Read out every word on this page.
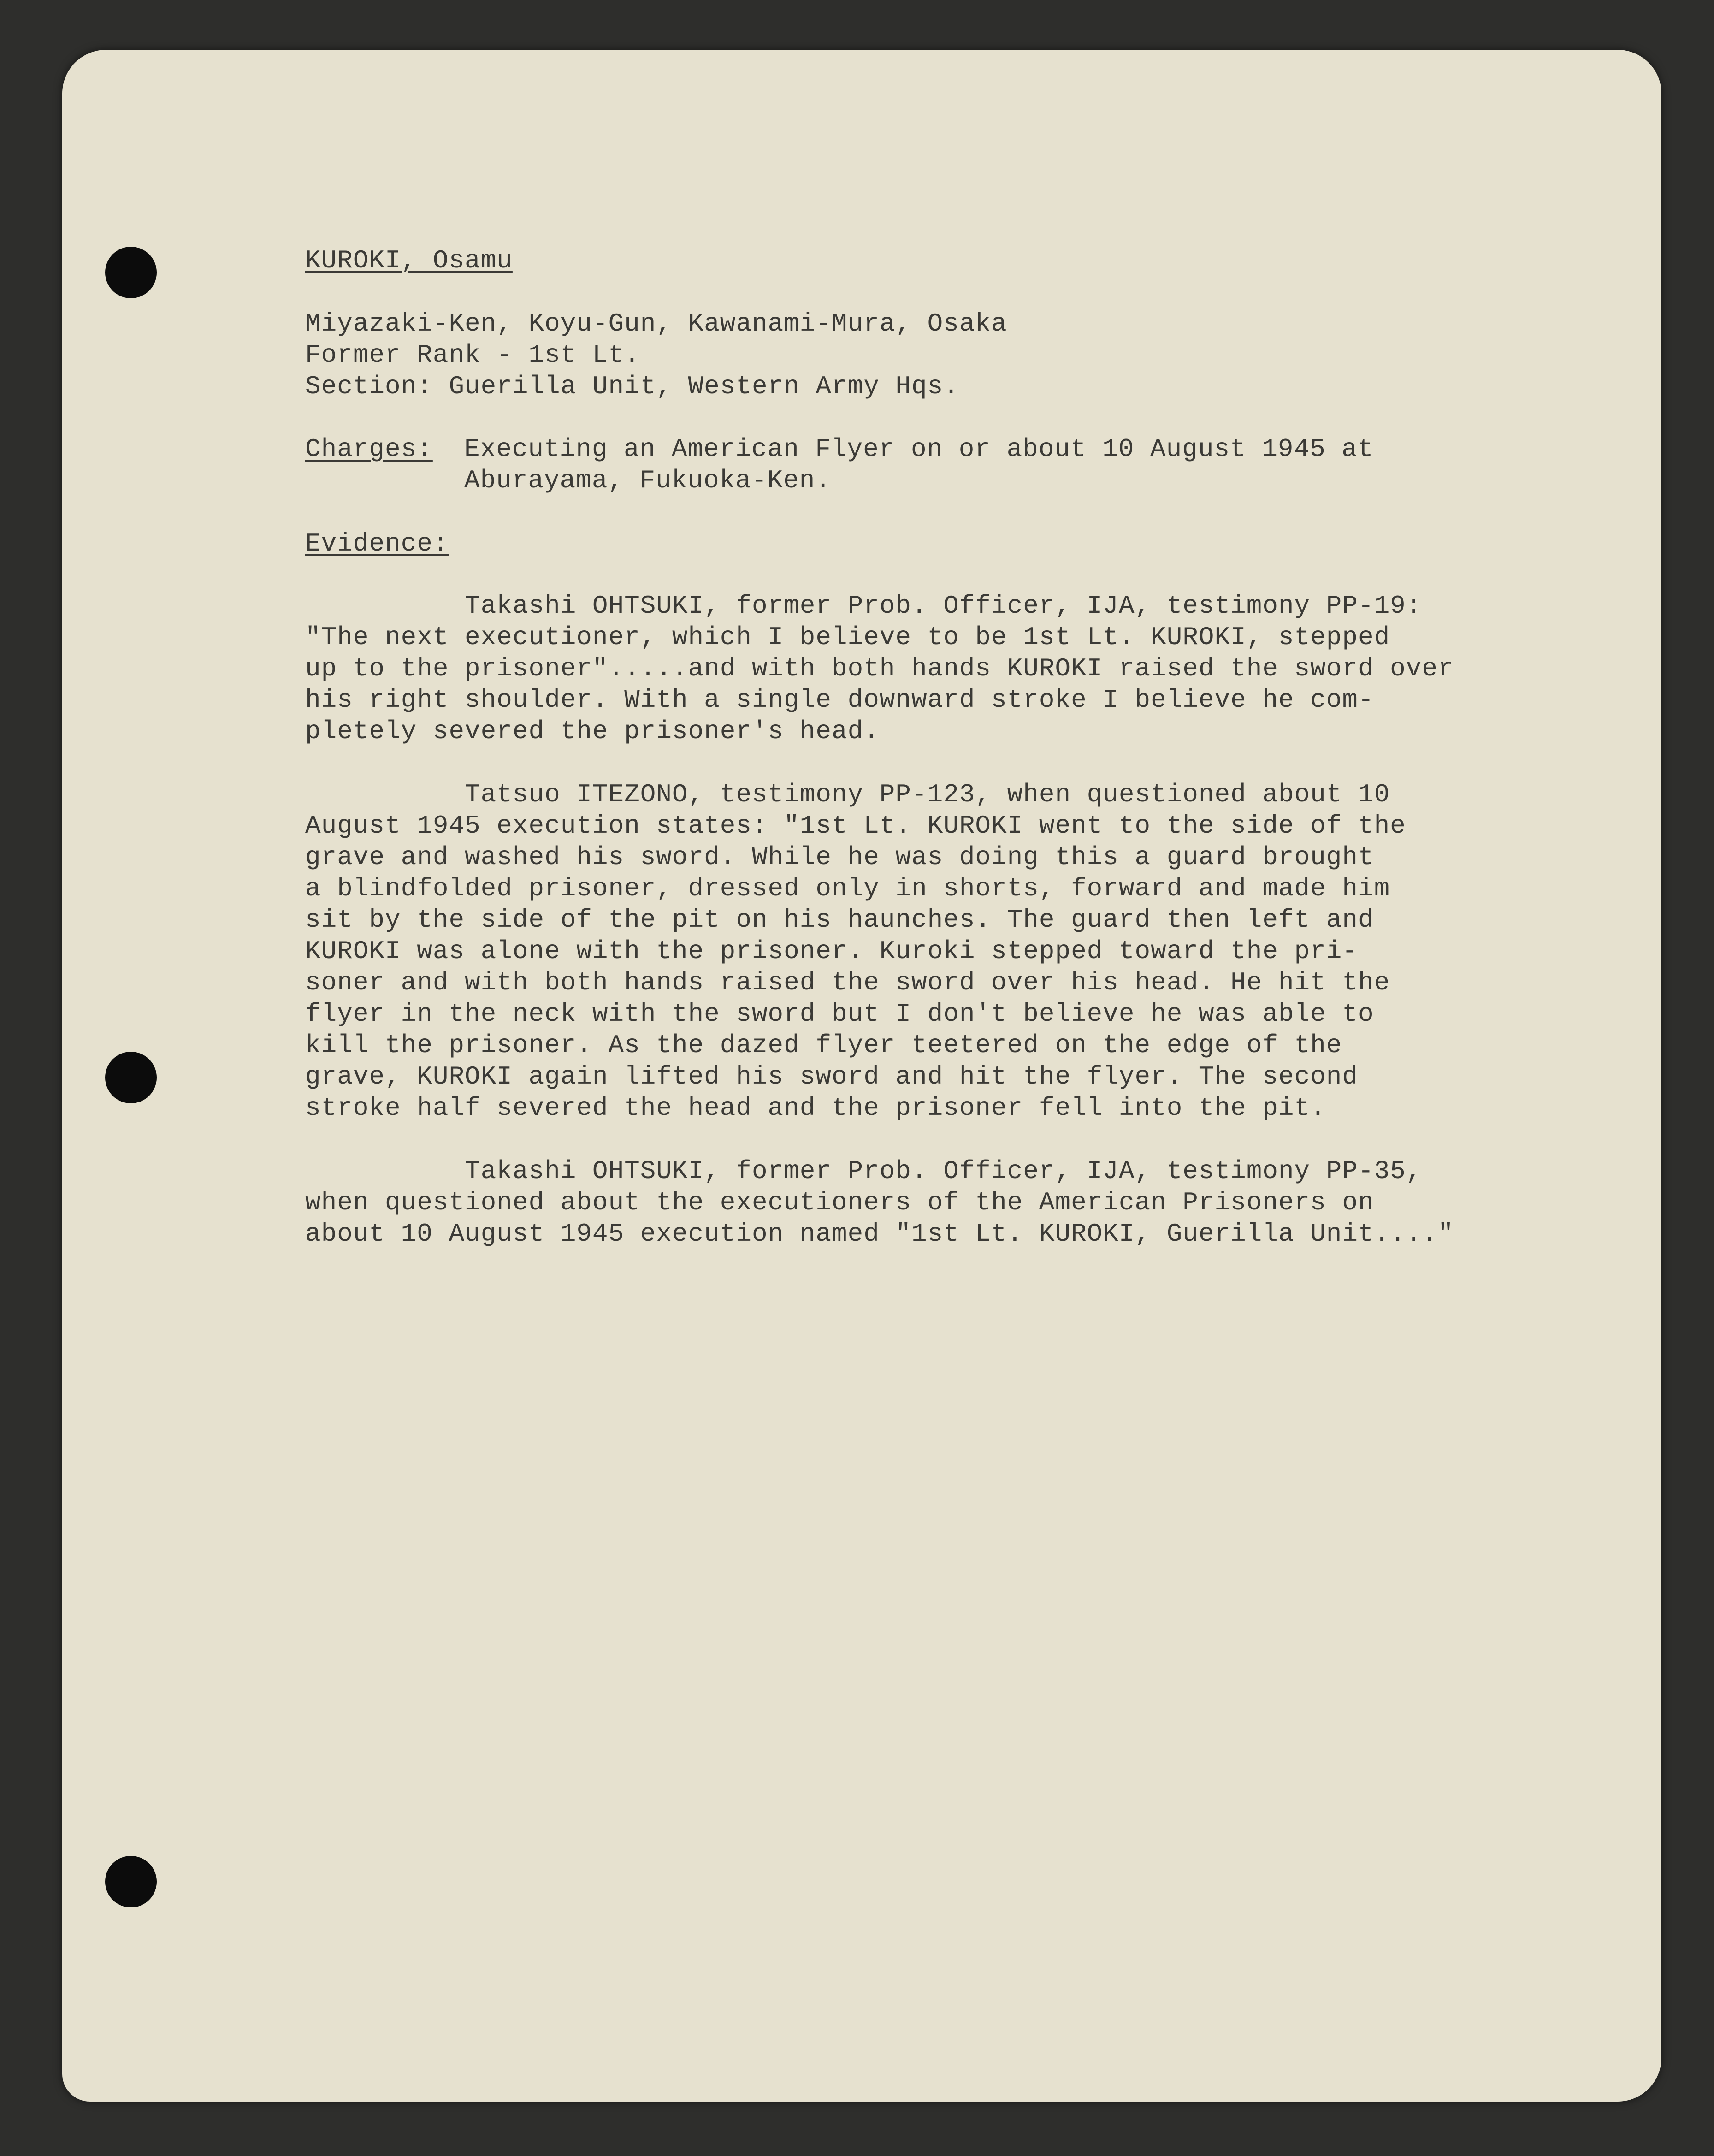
KUROKI, Osamu

Miyazaki-Ken, Koyu-Gun, Kawanami-Mura, Osaka

Former Rank - 1st Lt.

Section: Guerilla Unit, Western Army Hqs.

Charges:

Executing an American Flyer on or about 10 August 1945 at

Aburayama, Fukuoka-Ken.

Evidence:

Takashi OHTSUKI, former Prob. Officer, IJA, testimony PP-19:

"The next executioner, which I believe to be 1st Lt. KUROKI, stepped

up to the prisoner".....and with both hands KUROKI raised the sword over

his right shoulder. With a single downward stroke I believe he com-

pletely severed the prisoner's head.

Tatsuo ITEZONO, testimony PP-123, when questioned about 10

August 1945 execution states: "1st Lt. KUROKI went to the side of the

grave and washed his sword. While he was doing this a guard brought

a blindfolded prisoner, dressed only in shorts, forward and made him

sit by the side of the pit on his haunches. The guard then left and

KUROKI was alone with the prisoner. Kuroki stepped toward the pri-

soner and with both hands raised the sword over his head. He hit the

flyer in the neck with the sword but I don't believe he was able to

kill the prisoner. As the dazed flyer teetered on the edge of the

grave, KUROKI again lifted his sword and hit the flyer. The second

stroke half severed the head and the prisoner fell into the pit.

Takashi OHTSUKI, former Prob. Officer, IJA, testimony PP-35,

when questioned about the executioners of the American Prisoners on

about 10 August 1945 execution named "1st Lt. KUROKI, Guerilla Unit...."
